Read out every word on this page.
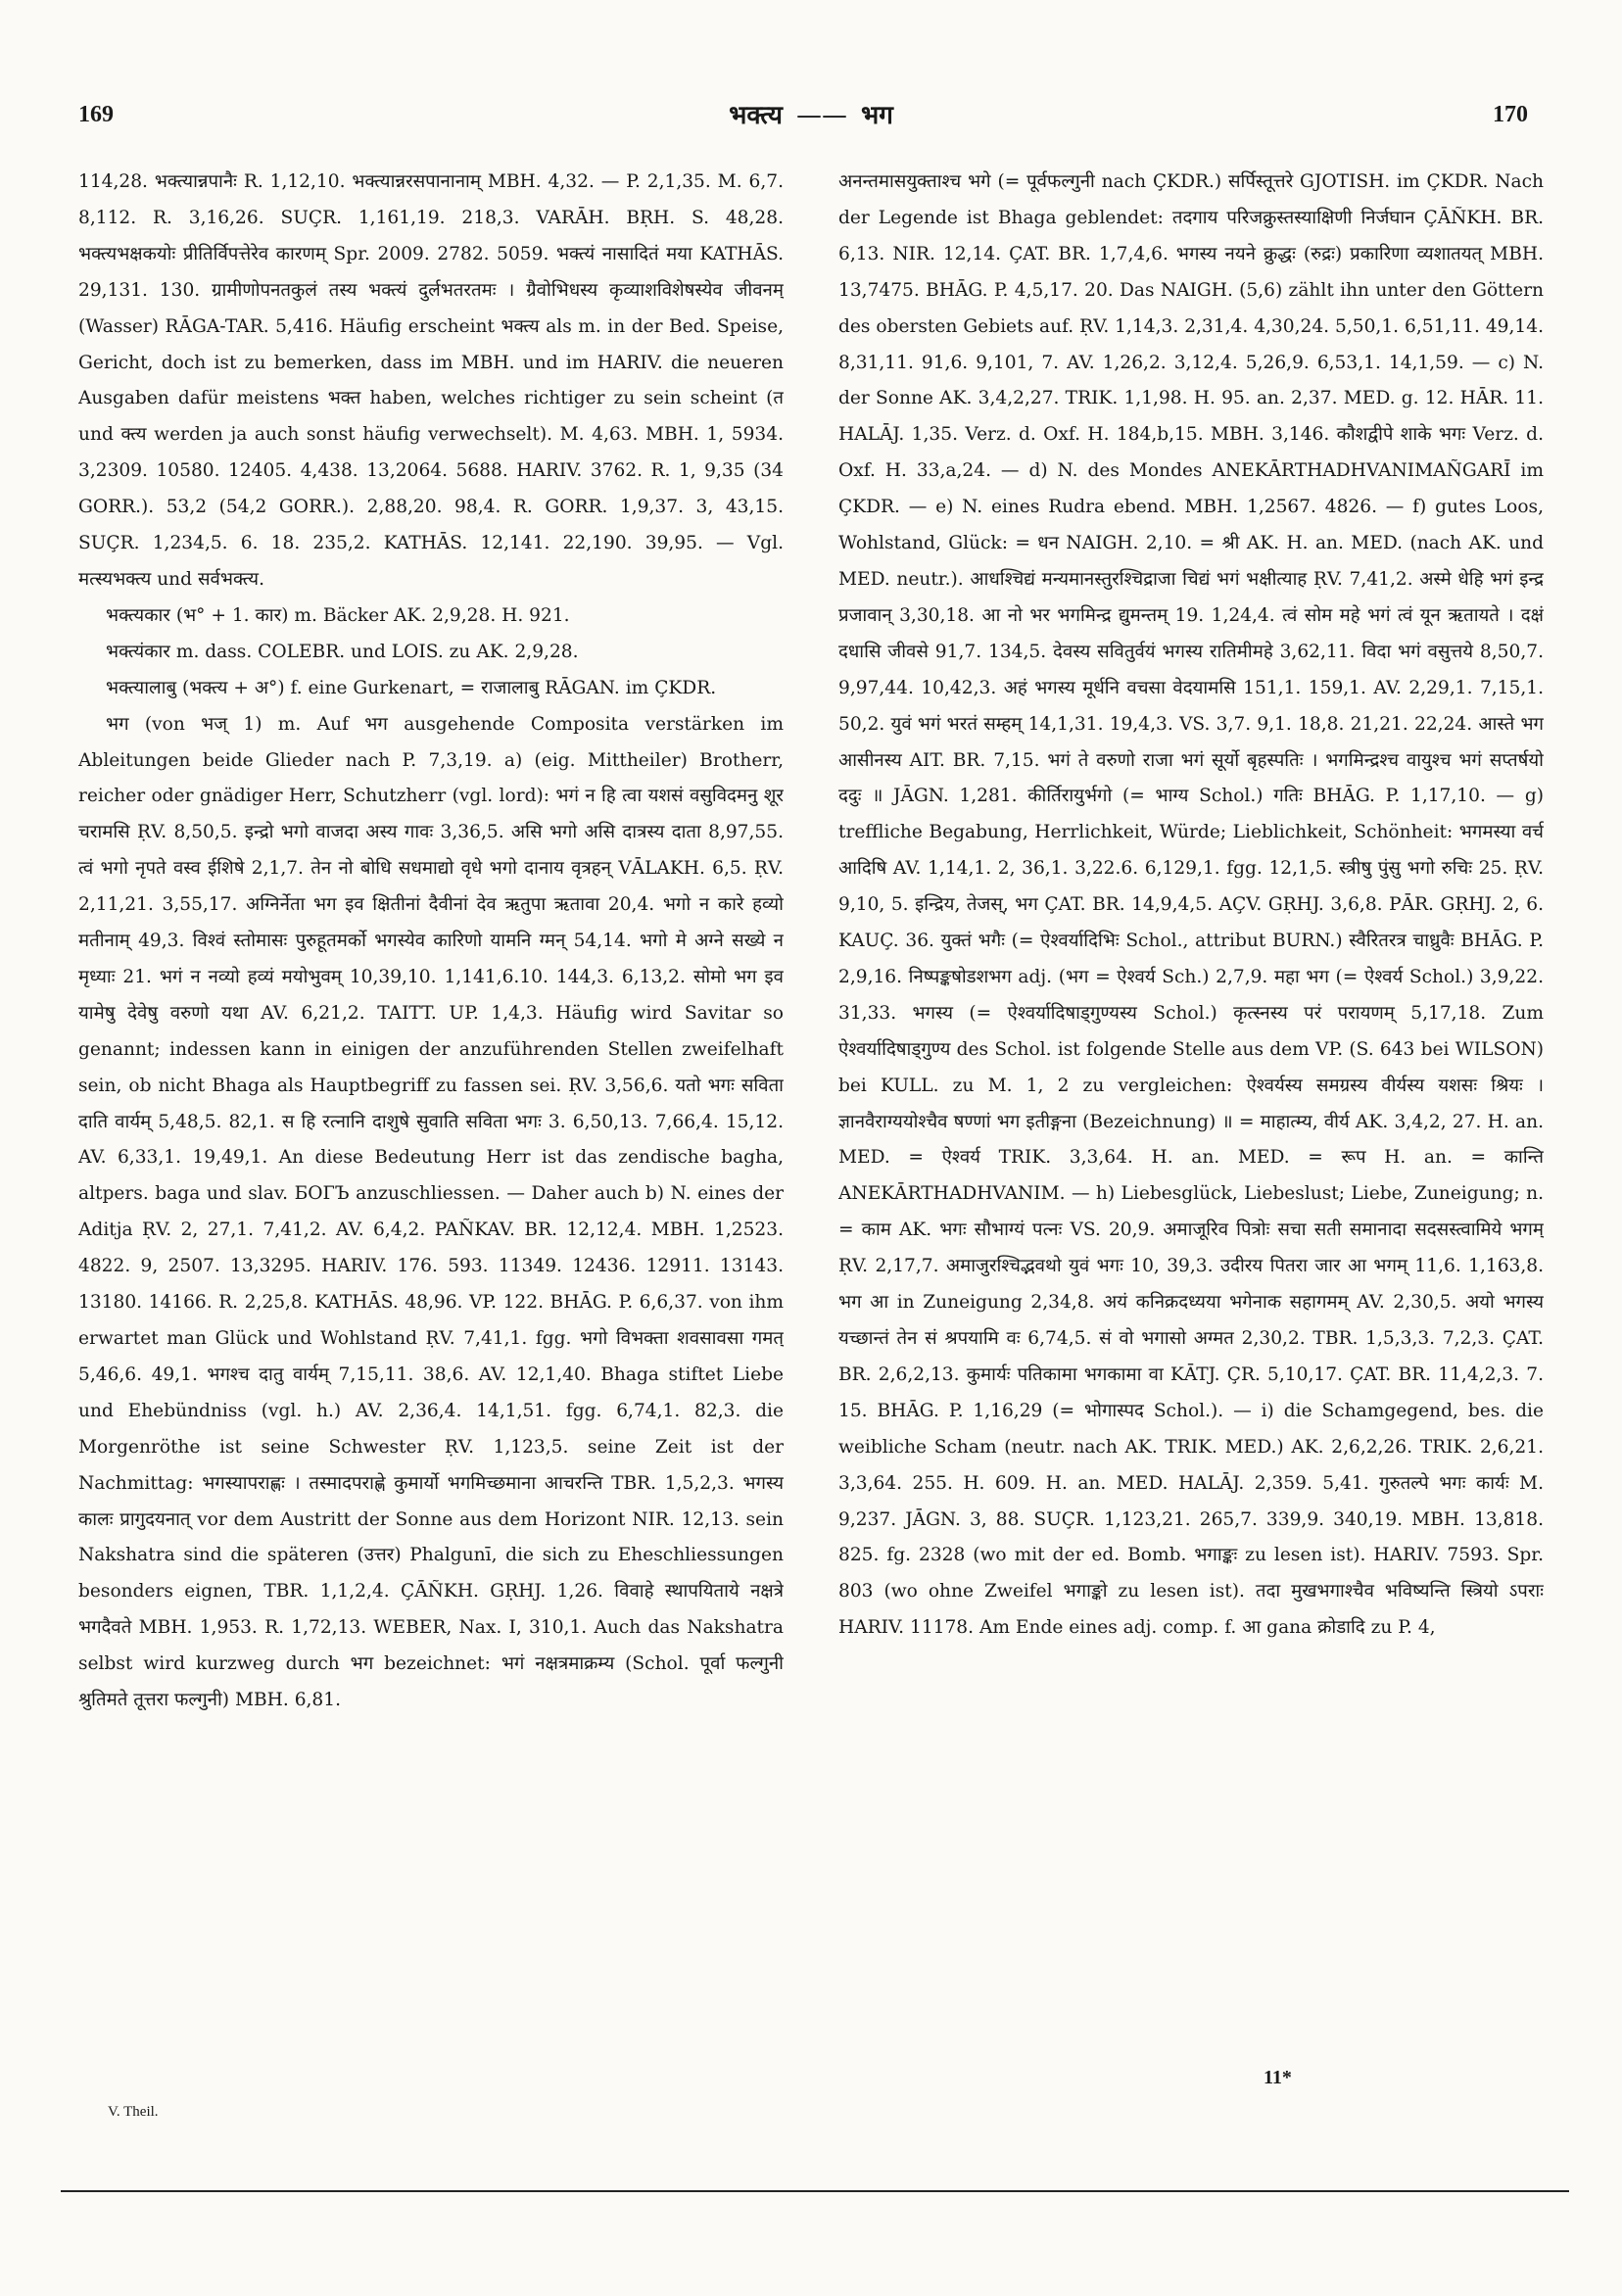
169	भक्त्य —— भग	170

114,28. भक्त्यान्नपानैः R. 1,12,10. भक्त्यान्नरसपानानाम् MBH. 4,32. — P. 2,1,35. M. 6,7. 8,112. R. 3,16,26. SUÇR. 1,161,19. 218,3. VARĀH. BṚH. S. 48,28. भक्त्यभक्षकयोः प्रीतिर्विपत्तेरेव कारणम् Spr. 2009. 2782. 5059. भक्त्यं नासादितं मया KATHĀS. 29,131. 130. ग्रामीणोपनतकुलं तस्य भक्त्यं दुर्लभतरतमः । ग्रैवोभिधस्य कृव्याशविशेषस्येव जीवनम् (Wasser) RĀGA-TAR. 5,416. Häufig erscheint भक्त्य als m. in der Bed. Speise, Gericht, doch ist zu bemerken, dass im MBH. und im HARIV. die neueren Ausgaben dafür meistens भक्त haben, welches richtiger zu sein scheint (त und क्त्य werden ja auch sonst häufig verwechselt). M. 4,63. MBH. 1, 5934. 3,2309. 10580. 12405. 4,438. 13,2064. 5688. HARIV. 3762. R. 1, 9,35 (34 GORR.). 53,2 (54,2 GORR.). 2,88,20. 98,4. R. GORR. 1,9,37. 3, 43,15. SUÇR. 1,234,5. 6. 18. 235,2. KATHĀS. 12,141. 22,190. 39,95. — Vgl. मत्स्यभक्त्य und सर्वभक्त्य.

भक्त्यकार (भ° + 1. कार) m. Bäcker AK. 2,9,28. H. 921.

भक्त्यंकार m. dass. COLEBR. und LOIS. zu AK. 2,9,28.

भक्त्यालाबु (भक्त्य + अ°) f. eine Gurkenart, = राजालाबु RĀGAN. im ÇKDR.

भग (von भज् 1) m. Auf भग ausgehende Composita verstärken im Ableitungen beide Glieder nach P. 7,3,19. a) (eig. Mittheiler) Brotherr, reicher oder gnädiger Herr, Schutzherr (vgl. lord): भगं न हि त्वा यशसं वसुविदमनु शूर चरामसि ṚV. 8,50,5. इन्द्रो भगो वाजदा अस्य गावः 3,36,5. असि भगो असि दात्रस्य दाता 8,97,55. त्वं भगो नृपते वस्व ईशिषे 2,1,7. तेन नो बोधि सधमाद्यो वृधे भगो दानाय वृत्रहन् VĀLAKH. 6,5. ṚV. 2,11,21. 3,55,17. अग्निर्नेता भग इव क्षितीनां दैवीनां देव ऋतुपा ऋतावा 20,4. भगो न कारे हव्यो मतीनाम् 49,3. विश्वं स्तोमासः पुरुहूतमर्को भगस्येव कारिणो यामनि ग्मन् 54,14. भगो मे अग्ने सख्ये न मृध्याः 21. भगं न नव्यो हव्यं मयोभुवम् 10,39,10. 1,141,6.10. 144,3. 6,13,2. सोमो भग इव यामेषु देवेषु वरुणो यथा AV. 6,21,2. TAITT. UP. 1,4,3. Häufig wird Savitar so genannt; indessen kann in einigen der anzuführenden Stellen zweifelhaft sein, ob nicht Bhaga als Hauptbegriff zu fassen sei. ṚV. 3,56,6. यतो भगः सविता दाति वार्यम् 5,48,5. 82,1. स हि रत्नानि दाशुषे सुवाति सविता भगः 3. 6,50,13. 7,66,4. 15,12. AV. 6,33,1. 19,49,1. An diese Bedeutung Herr ist das zendische bagha, altpers. baga und slav. БОГЪ anzuschliessen. — Daher auch b) N. eines der Aditja ṚV. 2, 27,1. 7,41,2. AV. 6,4,2. PAÑKAV. BR. 12,12,4. MBH. 1,2523. 4822. 9, 2507. 13,3295. HARIV. 176. 593. 11349. 12436. 12911. 13143. 13180. 14166. R. 2,25,8. KATHĀS. 48,96. VP. 122. BHĀG. P. 6,6,37. von ihm erwartet man Glück und Wohlstand ṚV. 7,41,1. fgg. भगो विभक्ता शवसावसा गमत् 5,46,6. 49,1. भगश्च दातु वार्यम् 7,15,11. 38,6. AV. 12,1,40. Bhaga stiftet Liebe und Ehebündniss (vgl. h.) AV. 2,36,4. 14,1,51. fgg. 6,74,1. 82,3. die Morgenröthe ist seine Schwester ṚV. 1,123,5. seine Zeit ist der Nachmittag: भगस्यापराह्णः । तस्मादपराह्णे कुमार्यो भगमिच्छमाना आचरन्ति TBR. 1,5,2,3. भगस्य कालः प्रागुदयनात् vor dem Austritt der Sonne aus dem Horizont NIR. 12,13. sein Nakshatra sind die späteren (उत्तर) Phalgunī, die sich zu Eheschliessungen besonders eignen, TBR. 1,1,2,4. ÇĀÑKH. GṚHJ. 1,26. विवाहे स्थापयिताये नक्षत्रे भगदैवते MBH. 1,953. R. 1,72,13. WEBER, Nax. I, 310,1. Auch das Nakshatra selbst wird kurzweg durch भग bezeichnet: भगं नक्षत्रमाक्रम्य (Schol. पूर्वा फल्गुनी श्रुतिमते तूत्तरा फल्गुनी) MBH. 6,81.

अनन्तमासयुक्ताश्च भगे (= पूर्वफल्गुनी nach ÇKDR.) सर्पिस्तूत्तरे GJOTISH. im ÇKDR. Nach der Legende ist Bhaga geblendet: तदगाय परिजक्रुस्तस्याक्षिणी निर्जघान ÇĀÑKH. BR. 6,13. NIR. 12,14. ÇAT. BR. 1,7,4,6. भगस्य नयने क्रुद्धः (रुद्रः) प्रकारिणा व्यशातयत् MBH. 13,7475. BHĀG. P. 4,5,17. 20. Das NAIGH. (5,6) zählt ihn unter den Göttern des obersten Gebiets auf. ṚV. 1,14,3. 2,31,4. 4,30,24. 5,50,1. 6,51,11. 49,14. 8,31,11. 91,6. 9,101, 7. AV. 1,26,2. 3,12,4. 5,26,9. 6,53,1. 14,1,59. — c) N. der Sonne AK. 3,4,2,27. TRIK. 1,1,98. H. 95. an. 2,37. MED. g. 12. HĀR. 11. HALĀJ. 1,35. Verz. d. Oxf. H. 184,b,15. MBH. 3,146. कौशद्वीपे शाके भगः Verz. d. Oxf. H. 33,a,24. — d) N. des Mondes ANEKĀRTHADHVANIMAÑGARĪ im ÇKDR. — e) N. eines Rudra ebend. MBH. 1,2567. 4826. — f) gutes Loos, Wohlstand, Glück: = धन NAIGH. 2,10. = श्री AK. H. an. MED. (nach AK. und MED. neutr.). आधश्चिद्यं मन्यमानस्तुरश्चिद्राजा चिद्यं भगं भक्षीत्याह ṚV. 7,41,2. अस्मे धेहि भगं इन्द्र प्रजावान् 3,30,18. आ नो भर भगमिन्द्र द्युमन्तम् 19. 1,24,4. त्वं सोम महे भगं त्वं यून ऋतायते । दक्षं दधासि जीवसे 91,7. 134,5. देवस्य सवितुर्वयं भगस्य रातिमीमहे 3,62,11. विदा भगं वसुत्तये 8,50,7. 9,97,44. 10,42,3. अहं भगस्य मूर्धनि वचसा वेदयामसि 151,1. 159,1. AV. 2,29,1. 7,15,1. 50,2. युवं भगं भरतं सम्हम् 14,1,31. 19,4,3. VS. 3,7. 9,1. 18,8. 21,21. 22,24. आस्ते भग आसीनस्य AIT. BR. 7,15. भगं ते वरुणो राजा भगं सूर्यो बृहस्पतिः । भगमिन्द्रश्च वायुश्च भगं सप्तर्षयो ददुः ॥ JĀGN. 1,281. कीर्तिरायुर्भगो (= भाग्य Schol.) गतिः BHĀG. P. 1,17,10. — g) treffliche Begabung, Herrlichkeit, Würde; Lieblichkeit, Schönheit: भगमस्या वर्च आदिषि AV. 1,14,1. 2, 36,1. 3,22.6. 6,129,1. fgg. 12,1,5. स्त्रीषु पुंसु भगो रुचिः 25. ṚV. 9,10, 5. इन्द्रिय, तेजस्, भग ÇAT. BR. 14,9,4,5. AÇV. GṚHJ. 3,6,8. PĀR. GṚHJ. 2, 6. KAUÇ. 36. युक्तं भगैः (= ऐश्वर्यादिभिः Schol., attribut BURN.) स्वैरितरत्र चाध्रुवैः BHĀG. P. 2,9,16. निष्पङ्कषोडशभग adj. (भग = ऐश्वर्य Sch.) 2,7,9. महा भग (= ऐश्वर्य Schol.) 3,9,22. 31,33. भगस्य (= ऐश्वर्यादिषाड्गुण्यस्य Schol.) कृत्स्नस्य परं परायणम् 5,17,18. Zum ऐश्वर्यादिषाड्गुण्य des Schol. ist folgende Stelle aus dem VP. (S. 643 bei WILSON) bei KULL. zu M. 1, 2 zu vergleichen: ऐश्वर्यस्य समग्रस्य वीर्यस्य यशसः श्रियः । ज्ञानवैराग्ययोश्चैव षण्णां भग इतीङ्गना (Bezeichnung) ॥ = माहात्म्य, वीर्य AK. 3,4,2, 27. H. an. MED. = ऐश्वर्य TRIK. 3,3,64. H. an. MED. = रूप H. an. = कान्ति ANEKĀRTHADHVANIM. — h) Liebesglück, Liebeslust; Liebe, Zuneigung; n. = काम AK. भगः सौभाग्यं पत्नः VS. 20,9. अमाजूरिव पित्रोः सचा सती समानादा सदसस्त्वामिये भगम् ṚV. 2,17,7. अमाजुरश्चिद्भवथो युवं भगः 10, 39,3. उदीरय पितरा जार आ भगम् 11,6. 1,163,8. भग आ in Zuneigung 2,34,8. अयं कनिक्रदध्यया भगेनाक सहागमम् AV. 2,30,5. अयो भगस्य यच्छान्तं तेन सं श्रपयामि वः 6,74,5. सं वो भगासो अग्मत 2,30,2. TBR. 1,5,3,3. 7,2,3. ÇAT. BR. 2,6,2,13. कुमार्यः पतिकामा भगकामा वा KĀTJ. ÇR. 5,10,17. ÇAT. BR. 11,4,2,3. 7. 15. BHĀG. P. 1,16,29 (= भोगास्पद Schol.). — i) die Schamgegend, bes. die weibliche Scham (neutr. nach AK. TRIK. MED.) AK. 2,6,2,26. TRIK. 2,6,21. 3,3,64. 255. H. 609. H. an. MED. HALĀJ. 2,359. 5,41. गुरुतल्पे भगः कार्यः M. 9,237. JĀGN. 3, 88. SUÇR. 1,123,21. 265,7. 339,9. 340,19. MBH. 13,818. 825. fg. 2328 (wo mit der ed. Bomb. भगाङ्कः zu lesen ist). HARIV. 7593. Spr. 803 (wo ohne Zweifel भगाङ्को zu lesen ist). तदा मुखभगाश्चैव भविष्यन्ति स्त्रियो ऽपराः HARIV. 11178. Am Ende eines adj. comp. f. आ gana क्रोडादि zu P. 4,

V. Theil.
11*
